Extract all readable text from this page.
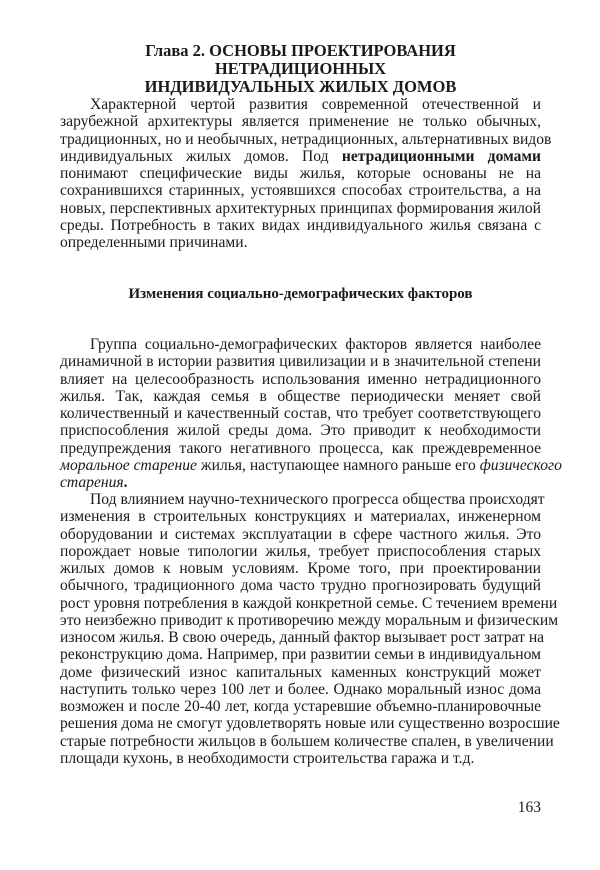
Глава 2. ОСНОВЫ ПРОЕКТИРОВАНИЯ НЕТРАДИЦИОННЫХ
ИНДИВИДУАЛЬНЫХ ЖИЛЫХ ДОМОВ
Характерной чертой развития современной отечественной и
зарубежной архитектуры является применение не только обычных,
традиционных, но и необычных, нетрадиционных, альтернативных видов
индивидуальных жилых домов. Под нетрадиционными домами
понимают специфические виды жилья, которые основаны не на
сохранившихся старинных, устоявшихся способах строительства, а на
новых, перспективных архитектурных принципах формирования жилой
среды. Потребность в таких видах индивидуального жилья связана с
определенными причинами.
Изменения социально-демографических факторов
Группа социально-демографических факторов является наиболее
динамичной в истории развития цивилизации и в значительной степени
влияет на целесообразность использования именно нетрадиционного
жилья. Так, каждая семья в обществе периодически меняет свой
количественный и качественный состав, что требует соответствующего
приспособления жилой среды дома. Это приводит к необходимости
предупреждения такого негативного процесса, как преждевременное
моральное старение жилья, наступающее намного раньше его физического
старения.
Под влиянием научно-технического прогресса общества происходят
изменения в строительных конструкциях и материалах, инженерном
оборудовании и системах эксплуатации в сфере частного жилья. Это
порождает новые типологии жилья, требует приспособления старых
жилых домов к новым условиям. Кроме того, при проектировании
обычного, традиционного дома часто трудно прогнозировать будущий
рост уровня потребления в каждой конкретной семье. С течением времени
это неизбежно приводит к противоречию между моральным и физическим
износом жилья. В свою очередь, данный фактор вызывает рост затрат на
реконструкцию дома. Например, при развитии семьи в индивидуальном
доме физический износ капитальных каменных конструкций может
наступить только через 100 лет и более. Однако моральный износ дома
возможен и после 20-40 лет, когда устаревшие объемно-планировочные
решения дома не смогут удовлетворять новые или существенно возросшие
старые потребности жильцов в большем количестве спален, в увеличении
площади кухонь, в необходимости строительства гаража и т.д.
163
